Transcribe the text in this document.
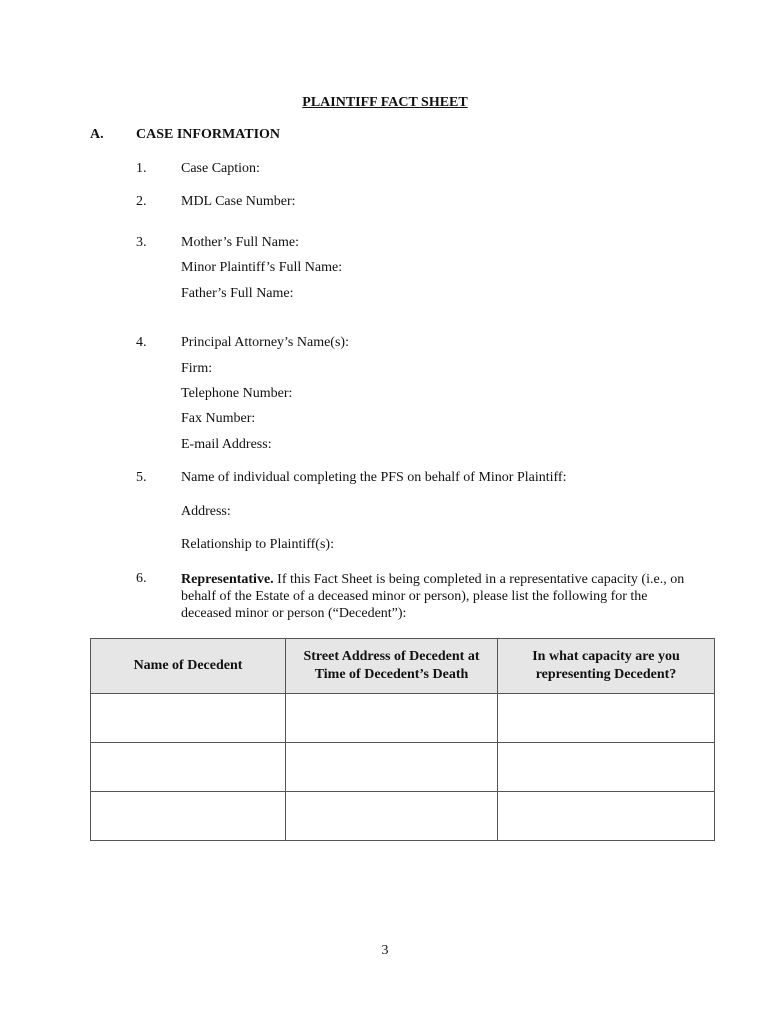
PLAINTIFF FACT SHEET
A. CASE INFORMATION
1. Case Caption:
2. MDL Case Number:
3. Mother’s Full Name:
Minor Plaintiff’s Full Name:
Father’s Full Name:
4. Principal Attorney’s Name(s):
Firm:
Telephone Number:
Fax Number:
E-mail Address:
5. Name of individual completing the PFS on behalf of Minor Plaintiff:
Address:
Relationship to Plaintiff(s):
6. Representative. If this Fact Sheet is being completed in a representative capacity (i.e., on behalf of the Estate of a deceased minor or person), please list the following for the deceased minor or person (“Decedent”):
Name of Decedent	Street Address of Decedent at Time of Decedent’s Death	In what capacity are you representing Decedent?

3
